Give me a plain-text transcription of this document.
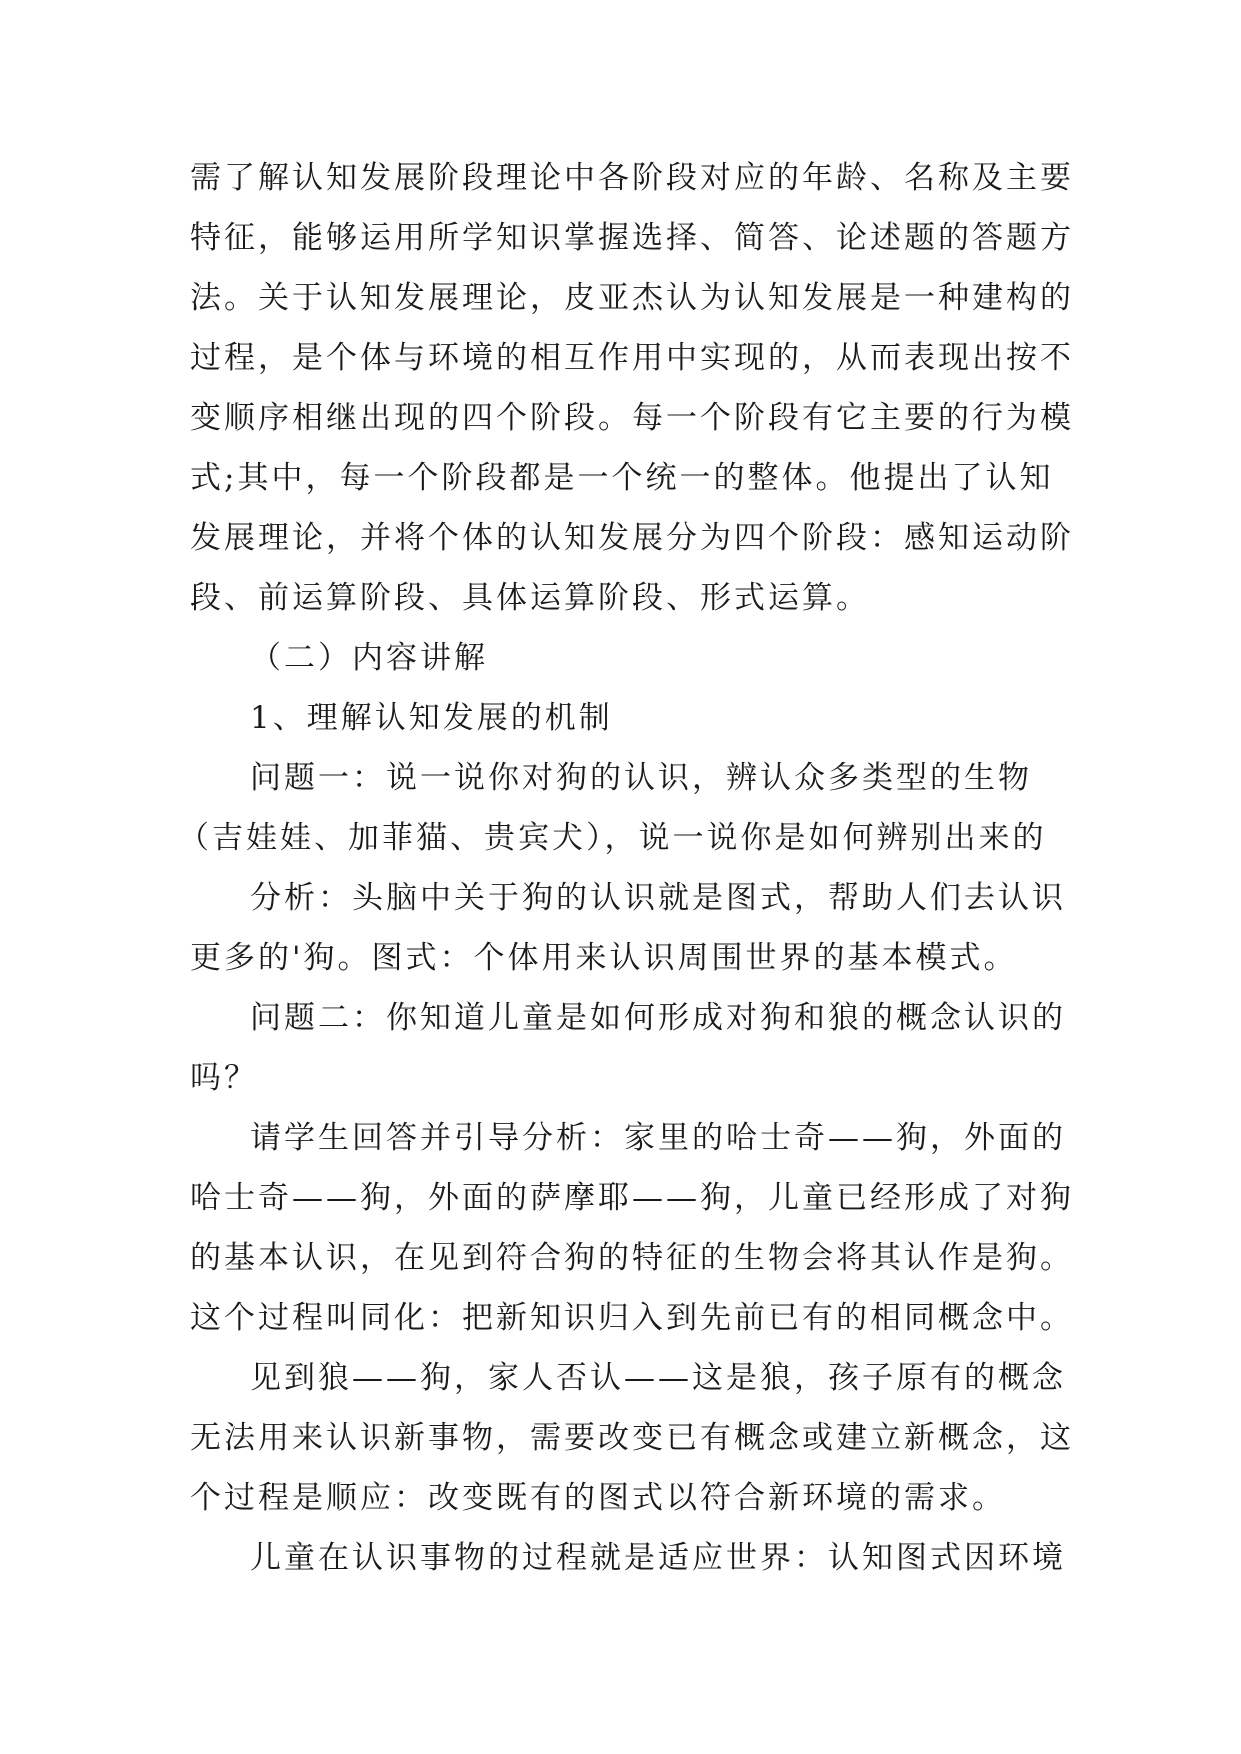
需了解认知发展阶段理论中各阶段对应的年龄、名称及主要
特征，能够运用所学知识掌握选择、简答、论述题的答题方
法。关于认知发展理论，皮亚杰认为认知发展是一种建构的
过程，是个体与环境的相互作用中实现的，从而表现出按不
变顺序相继出现的四个阶段。每一个阶段有它主要的行为模
式;其中，每一个阶段都是一个统一的整体。他提出了认知
发展理论，并将个体的认知发展分为四个阶段：感知运动阶
段、前运算阶段、具体运算阶段、形式运算。
（二）内容讲解
1、理解认知发展的机制
问题一：说一说你对狗的认识，辨认众多类型的生物
（吉娃娃、加菲猫、贵宾犬），说一说你是如何辨别出来的
分析：头脑中关于狗的认识就是图式，帮助人们去认识
更多的'狗。图式：个体用来认识周围世界的基本模式。
问题二：你知道儿童是如何形成对狗和狼的概念认识的
吗？
请学生回答并引导分析：家里的哈士奇——狗，外面的
哈士奇——狗，外面的萨摩耶——狗，儿童已经形成了对狗
的基本认识，在见到符合狗的特征的生物会将其认作是狗。
这个过程叫同化：把新知识归入到先前已有的相同概念中。
见到狼——狗，家人否认——这是狼，孩子原有的概念
无法用来认识新事物，需要改变已有概念或建立新概念，这
个过程是顺应：改变既有的图式以符合新环境的需求。
儿童在认识事物的过程就是适应世界：认知图式因环境
